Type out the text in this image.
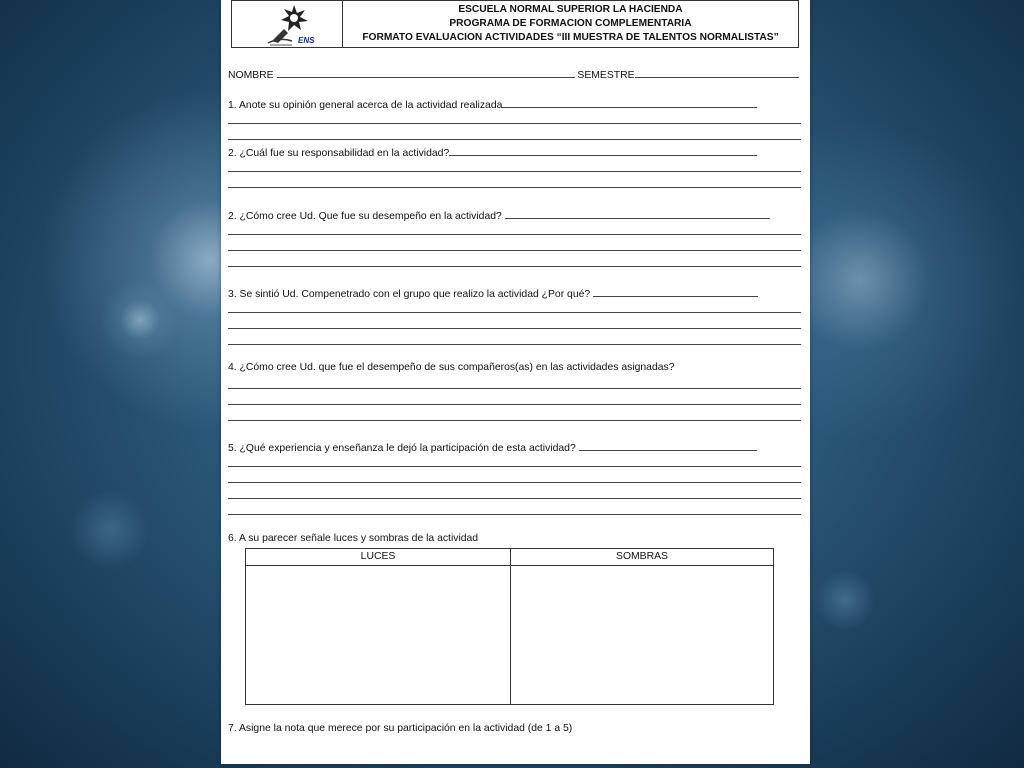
ENS
ESCUELA NORMAL SUPERIOR LA HACIENDA
PROGRAMA DE FORMACION COMPLEMENTARIA
FORMATO EVALUACION ACTIVIDADES “III MUESTRA DE TALENTOS NORMALISTAS”
NOMBRE	SEMESTRE
1. Anote su opinión general acerca de la actividad realizada
2. ¿Cuál fue su responsabilidad en la actividad?
2. ¿Cómo cree Ud. Que fue su desempeño en la actividad?
3. Se sintió Ud. Compenetrado con el grupo que realizo la actividad ¿Por qué?
4. ¿Cómo cree Ud. que fue el desempeño de sus compañeros(as) en las actividades asignadas?
5. ¿Qué experiencia y enseñanza le dejó la participación de esta actividad?
6. A su parecer señale luces y sombras de la actividad
LUCES	SOMBRAS
7. Asigne la nota que merece por su participación en la actividad (de 1 a 5)
